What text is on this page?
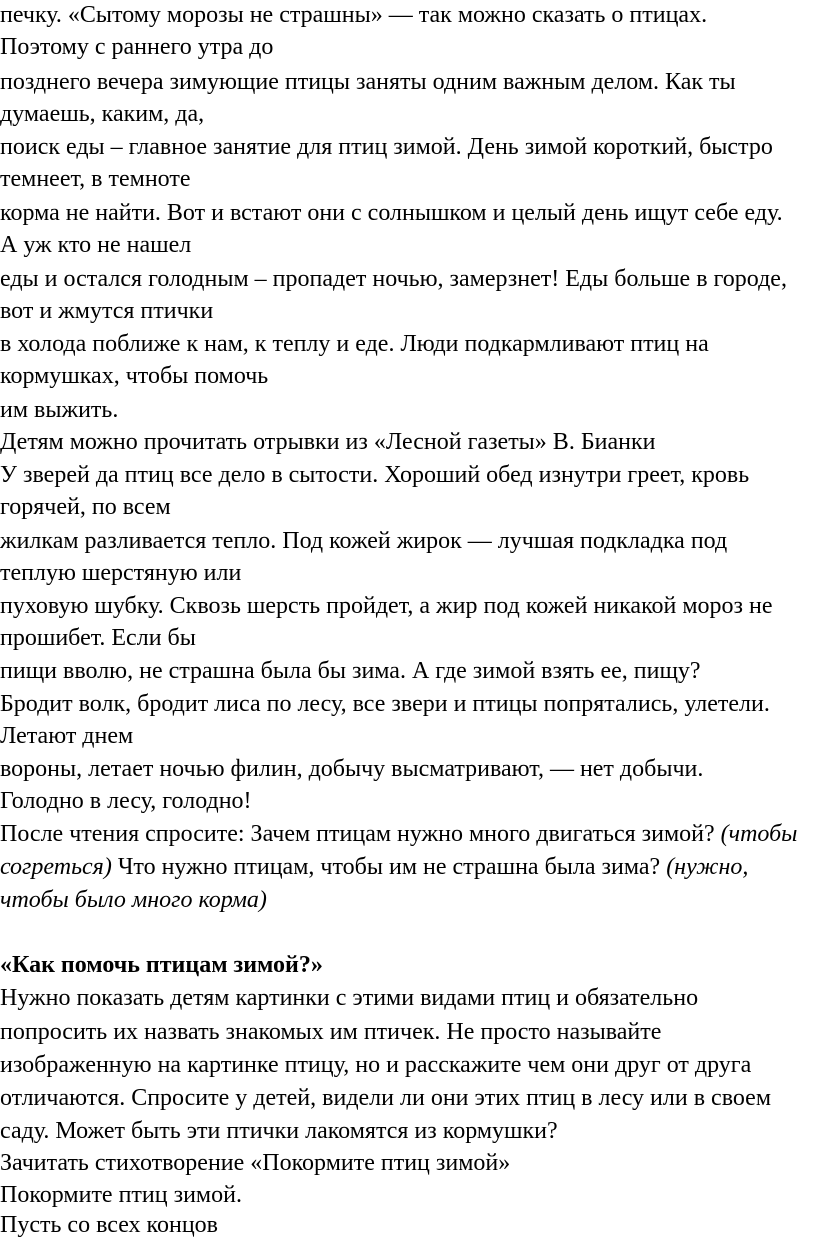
печку. «Сытому морозы не страшны» — так можно сказать о птицах.
Поэтому с раннего утра до
позднего вечера зимующие птицы заняты одним важным делом. Как ты
думаешь, каким, да,
поиск еды – главное занятие для птиц зимой. День зимой короткий, быстро
темнеет, в темноте
корма не найти. Вот и встают они с солнышком и целый день ищут себе еду.
А уж кто не нашел
еды и остался голодным – пропадет ночью, замерзнет! Еды больше в городе,
вот и жмутся птички
в холода поближе к нам, к теплу и еде. Люди подкармливают птиц на
кормушках, чтобы помочь
им выжить.
Детям можно прочитать отрывки из «Лесной газеты» В. Бианки
У зверей да птиц все дело в сытости. Хороший обед изнутри греет, кровь
горячей, по всем
жилкам разливается тепло. Под кожей жирок — лучшая подкладка под
теплую шерстяную или
пуховую шубку. Сквозь шерсть пройдет, а жир под кожей никакой мороз не
прошибет. Если бы
пищи вволю, не страшна была бы зима. А где зимой взять ее, пищу?
Бродит волк, бродит лиса по лесу, все звери и птицы попрятались, улетели.
Летают днем
вороны, летает ночью филин, добычу высматривают, — нет добычи.
Голодно в лесу, голодно!
После чтения спросите: Зачем птицам нужно много двигаться зимой? (чтобы
согреться) Что нужно птицам, чтобы им не страшна была зима? (нужно,
чтобы было много корма)
«Как помочь птицам зимой?»
Нужно показать детям картинки с этими видами птиц и обязательно
попросить их назвать знакомых им птичек. Не просто называйте
изображенную на картинке птицу, но и расскажите чем они друг от друга
отличаются. Спросите у детей, видели ли они этих птиц в лесу или в своем
саду. Может быть эти птички лакомятся из кормушки?
Зачитать стихотворение «Покормите птиц зимой»
Покормите птиц зимой.
Пусть со всех концов
